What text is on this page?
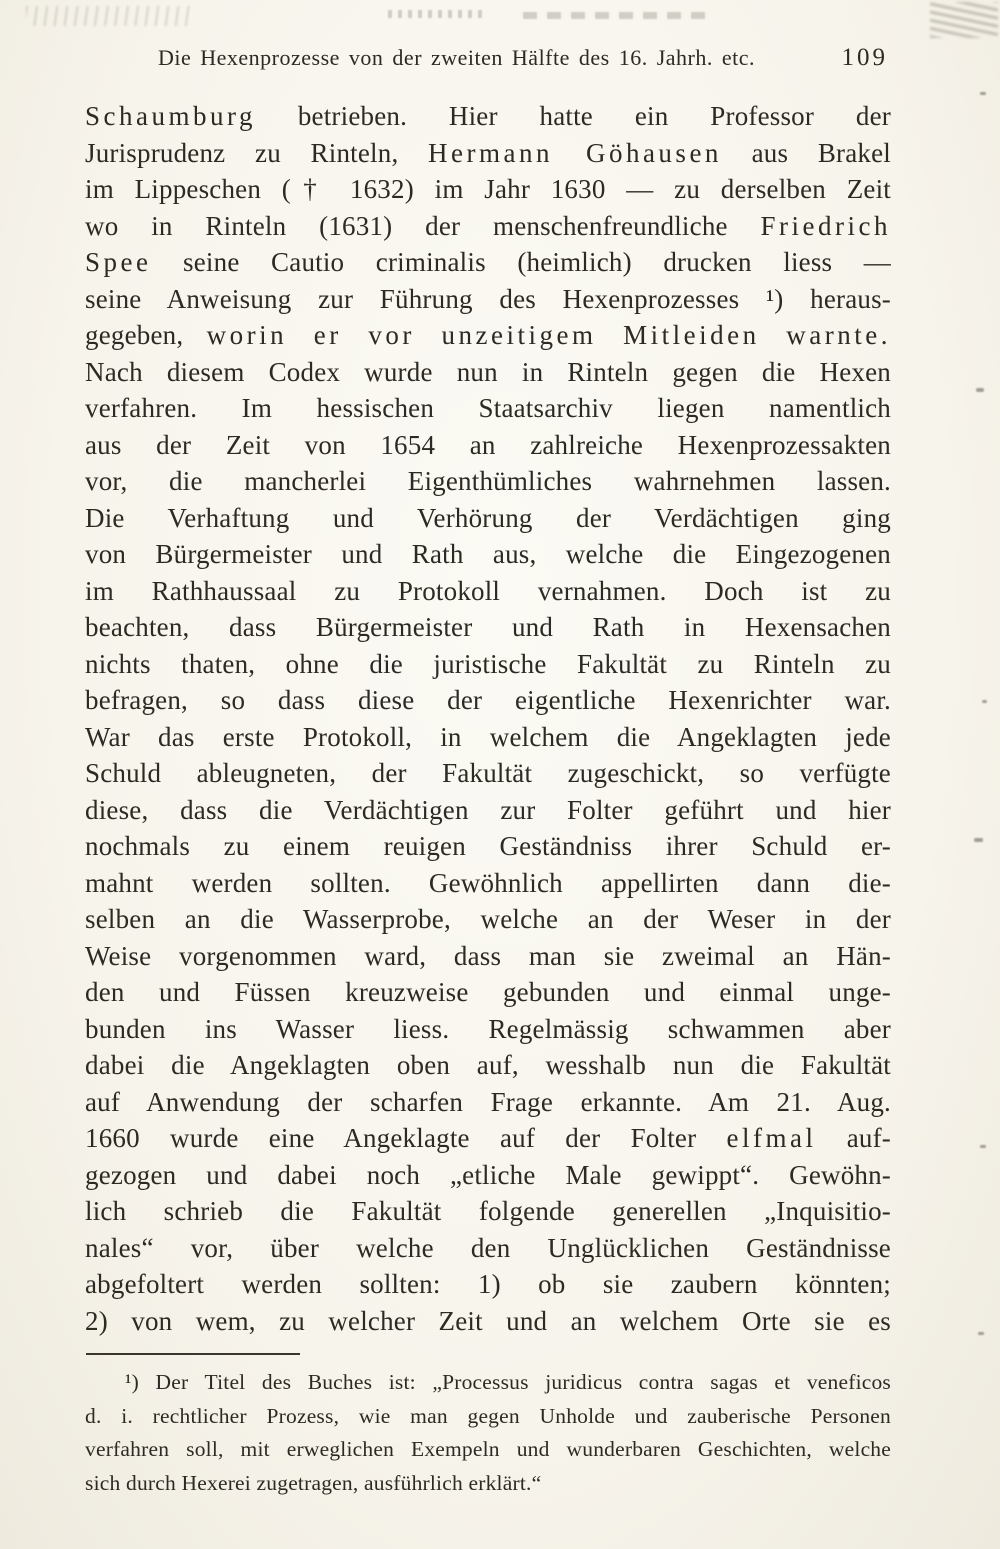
Die Hexenprozesse von der zweiten Hälfte des 16. Jahrh. etc.	109
Schaumburg betrieben. Hier hatte ein Professor der
Jurisprudenz zu Rinteln, Hermann Göhausen aus Brakel
im Lippeschen († 1632) im Jahr 1630 — zu derselben Zeit
wo in Rinteln (1631) der menschenfreundliche Friedrich
Spee seine Cautio criminalis (heimlich) drucken liess —
seine Anweisung zur Führung des Hexenprozesses ¹) heraus-
gegeben, worin er vor unzeitigem Mitleiden warnte.
Nach diesem Codex wurde nun in Rinteln gegen die Hexen
verfahren. Im hessischen Staatsarchiv liegen namentlich
aus der Zeit von 1654 an zahlreiche Hexenprozessakten
vor, die mancherlei Eigenthümliches wahrnehmen lassen.
Die Verhaftung und Verhörung der Verdächtigen ging
von Bürgermeister und Rath aus, welche die Eingezogenen
im Rathhaussaal zu Protokoll vernahmen. Doch ist zu
beachten, dass Bürgermeister und Rath in Hexensachen
nichts thaten, ohne die juristische Fakultät zu Rinteln zu
befragen, so dass diese der eigentliche Hexenrichter war.
War das erste Protokoll, in welchem die Angeklagten jede
Schuld ableugneten, der Fakultät zugeschickt, so verfügte
diese, dass die Verdächtigen zur Folter geführt und hier
nochmals zu einem reuigen Geständniss ihrer Schuld er-
mahnt werden sollten. Gewöhnlich appellirten dann die-
selben an die Wasserprobe, welche an der Weser in der
Weise vorgenommen ward, dass man sie zweimal an Hän-
den und Füssen kreuzweise gebunden und einmal unge-
bunden ins Wasser liess. Regelmässig schwammen aber
dabei die Angeklagten oben auf, wesshalb nun die Fakultät
auf Anwendung der scharfen Frage erkannte. Am 21. Aug.
1660 wurde eine Angeklagte auf der Folter elfmal auf-
gezogen und dabei noch „etliche Male gewippt“. Gewöhn-
lich schrieb die Fakultät folgende generellen „Inquisitio-
nales“ vor, über welche den Unglücklichen Geständnisse
abgefoltert werden sollten: 1) ob sie zaubern könnten;
2) von wem, zu welcher Zeit und an welchem Orte sie es
¹) Der Titel des Buches ist: „Processus juridicus contra sagas et veneficos
d. i. rechtlicher Prozess, wie man gegen Unholde und zauberische Personen
verfahren soll, mit erweglichen Exempeln und wunderbaren Geschichten, welche
sich durch Hexerei zugetragen, ausführlich erklärt.“
